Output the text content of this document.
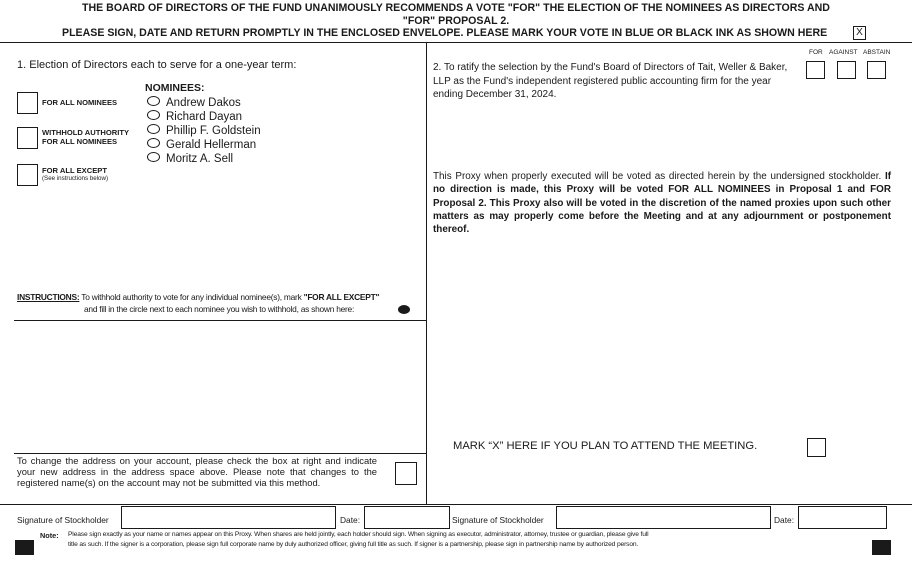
THE BOARD OF DIRECTORS OF THE FUND UNANIMOUSLY RECOMMENDS A VOTE "FOR" THE ELECTION OF THE NOMINEES AS DIRECTORS AND
"FOR" PROPOSAL 2.
PLEASE SIGN, DATE AND RETURN PROMPTLY IN THE ENCLOSED ENVELOPE. PLEASE MARK YOUR VOTE IN BLUE OR BLACK INK AS SHOWN HERE	X
1. Election of Directors each to serve for a one-year term:
FOR ALL NOMINEES
WITHHOLD AUTHORITY
FOR ALL NOMINEES
FOR ALL EXCEPT
(See instructions below)
NOMINEES:
Andrew Dakos
Richard Dayan
Phillip F. Goldstein
Gerald Hellerman
Moritz A. Sell
INSTRUCTIONS: To withhold authority to vote for any individual nominee(s), mark "FOR ALL EXCEPT"
and fill in the circle next to each nominee you wish to withhold, as shown here:
FOR AGAINST ABSTAIN
2. To ratify the selection by the Fund's Board of Directors of Tait, Weller & Baker, LLP as the Fund's independent registered public accounting firm for the year ending December 31, 2024.
This Proxy when properly executed will be voted as directed herein by the undersigned stockholder. If no direction is made, this Proxy will be voted FOR ALL NOMINEES in Proposal 1 and FOR Proposal 2. This Proxy also will be voted in the discretion of the named proxies upon such other matters as may properly come before the Meeting and at any adjournment or postponement thereof.
MARK “X” HERE IF YOU PLAN TO ATTEND THE MEETING.
To change the address on your account, please check the box at right and indicate your new address in the address space above. Please note that changes to the registered name(s) on the account may not be submitted via this method.
Signature of Stockholder	Date:	Signature of Stockholder	Date:
Note: Please sign exactly as your name or names appear on this Proxy. When shares are held jointly, each holder should sign. When signing as executor, administrator, attorney, trustee or guardian, please give full
title as such. If the signer is a corporation, please sign full corporate name by duly authorized officer, giving full title as such. If signer is a partnership, please sign in partnership name by authorized person.
